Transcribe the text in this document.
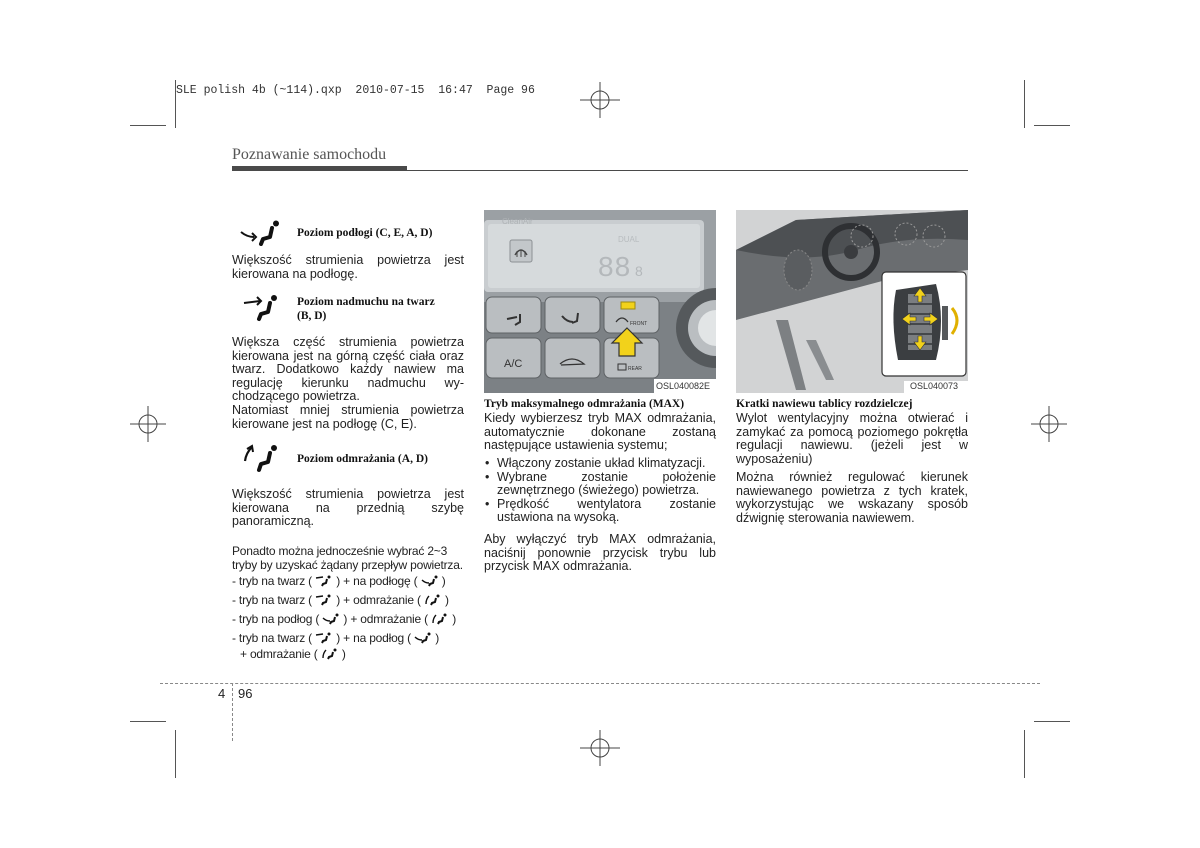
SLE polish 4b (~114).qxp  2010-07-15  16:47  Page 96
Poznawanie samochodu
Poziom podłogi (C, E, A, D)
Większość strumienia powietrza jest kierowana na podłogę.
Poziom nadmuchu na twarz
(B, D)
Większa część strumienia powietrza kierowana jest na górną część ciała oraz twarz. Dodatkowo każdy nawiew ma regulację kierunku nadmuchu wy-chodzącego powietrza.
Natomiast mniej strumienia powietrza kierowane jest na podłogę (C, E).
Poziom odmrażania (A, D)
Większość strumienia powietrza jest kierowana na przednią szybę panoramiczną.
Ponadto można jednocześnie wybrać 2~3 tryby by uzyskać żądany przepływ powietrza.
- tryb na twarz ( ) + na podłogę ( )
- tryb na twarz ( ) + odmrażanie ( )
- tryb na podłog ( ) + odmrażanie ( )
- tryb na twarz ( ) + na podłog ( )
+ odmrażanie ( )
CleanAir
DUAL
88 8
FRONT
A/C	REAR
OSL040082E
Tryb maksymalnego odmrażania (MAX)
Kiedy wybierzesz tryb MAX odmrażania, automatycznie dokonane zostaną następujące ustawienia systemu;
• Włączony zostanie układ klimatyzacji.
• Wybrane zostanie położenie zewnętrznego (świeżego) powietrza.
• Prędkość wentylatora zostanie ustawiona na wysoką.
Aby wyłączyć tryb MAX odmrażania, naciśnij ponownie przycisk trybu lub przycisk MAX odmrażania.
OSL040073
Kratki nawiewu tablicy rozdzielczej
Wylot wentylacyjny można otwierać i zamykać za pomocą poziomego pokrętła regulacji nawiewu. (jeżeli jest w wyposażeniu)
Można również regulować kierunek nawiewanego powietrza z tych kratek, wykorzystując we wskazany sposób dźwignię sterowania nawiewem.
4 96
